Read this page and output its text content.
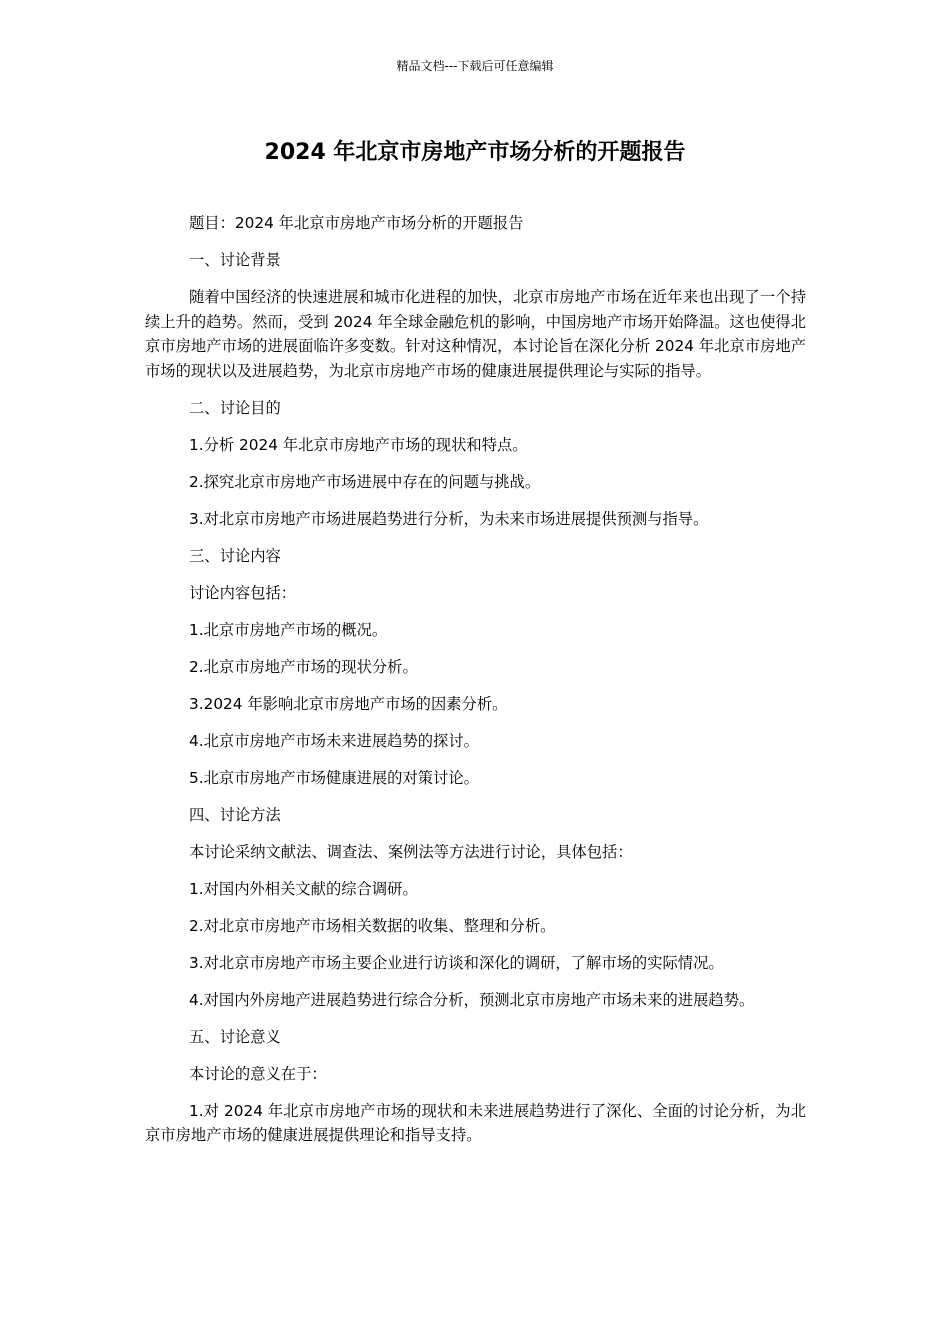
精品文档---下载后可任意编辑
2024 年北京市房地产市场分析的开题报告

题目：2024 年北京市房地产市场分析的开题报告

一、讨论背景

随着中国经济的快速进展和城市化进程的加快，北京市房地产市场在近年来也出现了一个持续上升的趋势。然而，受到 2024 年全球金融危机的影响，中国房地产市场开始降温。这也使得北京市房地产市场的进展面临许多变数。针对这种情况，本讨论旨在深化分析 2024 年北京市房地产市场的现状以及进展趋势，为北京市房地产市场的健康进展提供理论与实际的指导。

二、讨论目的

1.分析 2024 年北京市房地产市场的现状和特点。

2.探究北京市房地产市场进展中存在的问题与挑战。

3.对北京市房地产市场进展趋势进行分析，为未来市场进展提供预测与指导。

三、讨论内容

讨论内容包括：

1.北京市房地产市场的概况。

2.北京市房地产市场的现状分析。

3.2024 年影响北京市房地产市场的因素分析。

4.北京市房地产市场未来进展趋势的探讨。

5.北京市房地产市场健康进展的对策讨论。

四、讨论方法

本讨论采纳文献法、调查法、案例法等方法进行讨论，具体包括：

1.对国内外相关文献的综合调研。

2.对北京市房地产市场相关数据的收集、整理和分析。

3.对北京市房地产市场主要企业进行访谈和深化的调研，了解市场的实际情况。

4.对国内外房地产进展趋势进行综合分析，预测北京市房地产市场未来的进展趋势。

五、讨论意义

本讨论的意义在于：

1.对 2024 年北京市房地产市场的现状和未来进展趋势进行了深化、全面的讨论分析，为北京市房地产市场的健康进展提供理论和指导支持。
